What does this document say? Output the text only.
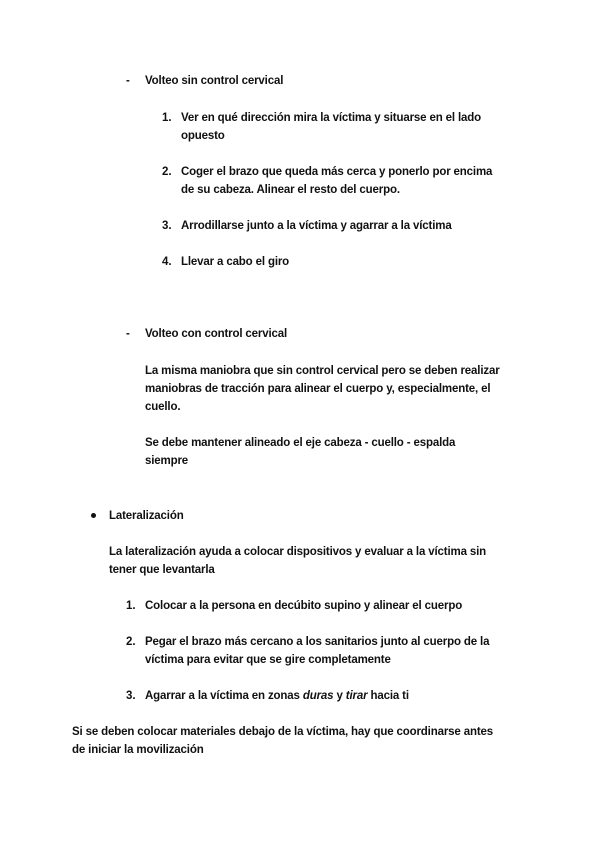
- Volteo sin control cervical
1. Ver en qué dirección mira la víctima y situarse en el lado
opuesto
2. Coger el brazo que queda más cerca y ponerlo por encima
de su cabeza. Alinear el resto del cuerpo.
3. Arrodillarse junto a la víctima y agarrar a la víctima
4. Llevar a cabo el giro
- Volteo con control cervical
La misma maniobra que sin control cervical pero se deben realizar
maniobras de tracción para alinear el cuerpo y, especialmente, el
cuello.
Se debe mantener alineado el eje cabeza - cuello - espalda
siempre
Lateralización
La lateralización ayuda a colocar dispositivos y evaluar a la víctima sin
tener que levantarla
1. Colocar a la persona en decúbito supino y alinear el cuerpo
2. Pegar el brazo más cercano a los sanitarios junto al cuerpo de la
víctima para evitar que se gire completamente
3. Agarrar a la víctima en zonas duras y tirar hacia ti
Si se deben colocar materiales debajo de la víctima, hay que coordinarse antes
de iniciar la movilización
